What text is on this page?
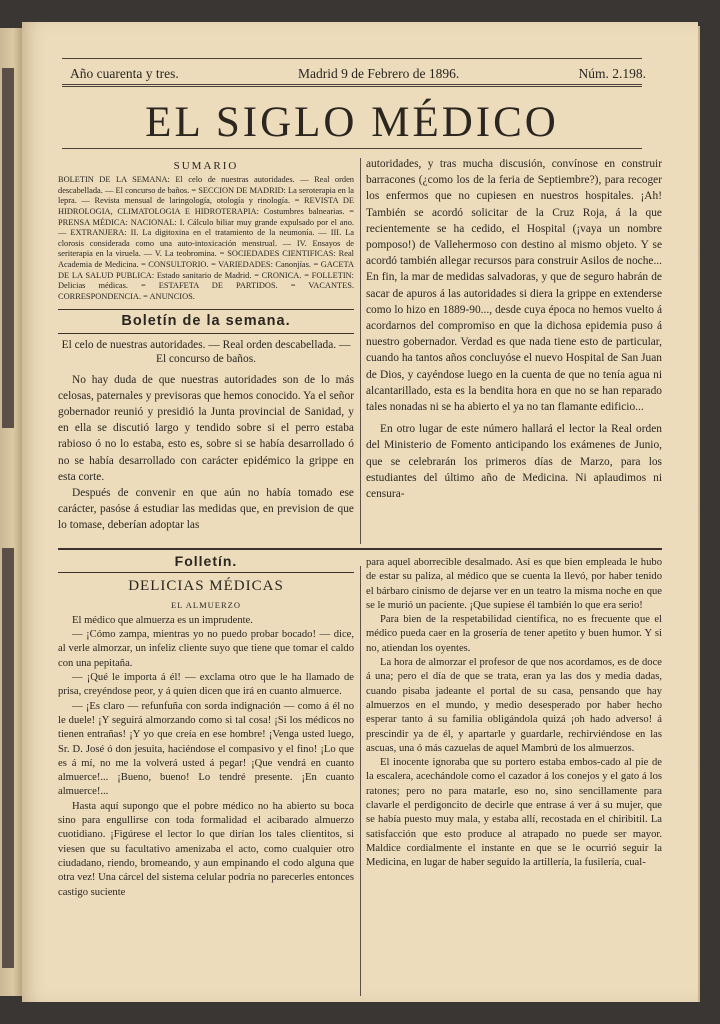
Año cuarenta y tres.	Madrid 9 de Febrero de 1896.	Núm. 2.198.
EL SIGLO MÉDICO
SUMARIO
BOLETIN DE LA SEMANA: El celo de nuestras autoridades. — Real orden descabellada. — El concurso de baños. = SECCION DE MADRID: La seroterapia en la lepra. — Revista mensual de laringología, otología y rinología. = REVISTA DE HIDROLOGIA, CLIMATOLOGIA E HIDROTERAPIA: Costumbres balnearias. = PRENSA MÉDICA: NACIONAL: I. Cálculo biliar muy grande expulsado por el ano. — EXTRANJERA: II. La digitoxina en el tratamiento de la neumonía. — III. La clorosis considerada como una auto-intoxicación menstrual. — IV. Ensayos de seriterapia en la viruela. — V. La teobromina. = SOCIEDADES CIENTIFICAS: Real Academia de Medicina. = CONSULTORIO. = VARIEDADES: Canonjías. = GACETA DE LA SALUD PUBLICA: Estado sanitario de Madrid. = CRONICA. = FOLLETIN: Delicias médicas. = ESTAFETA DE PARTIDOS. = VACANTES. CORRESPONDENCIA. = ANUNCIOS.
Boletín de la semana.
El celo de nuestras autoridades. — Real orden descabellada. — El concurso de baños.

No hay duda de que nuestras autoridades son de lo más celosas, paternales y previsoras que hemos conocido. Ya el señor gobernador reunió y presidió la Junta provincial de Sanidad, y en ella se discutió largo y tendido sobre si el perro estaba rabioso ó no lo estaba, esto es, sobre si se había desarrollado ó no se había desarrollado con carácter epidémico la grippe en esta corte.

Después de convenir en que aún no había tomado ese carácter, pasóse á estudiar las medidas que, en prevision de que lo tomase, deberían adoptar las

autoridades, y tras mucha discusión, convínose en construir barracones (¿como los de la feria de Septiembre?), para recoger los enfermos que no cupiesen en nuestros hospitales. ¡Ah! También se acordó solicitar de la Cruz Roja, á la que recientemente se ha cedido, el Hospital (¡vaya un nombre pomposo!) de Vallehermoso con destino al mismo objeto. Y se acordó también allegar recursos para construir Asilos de noche... En fin, la mar de medidas salvadoras, y que de seguro habrán de sacar de apuros á las autoridades si diera la grippe en extenderse como lo hizo en 1889-90..., desde cuya época no hemos vuelto á acordarnos del compromiso en que la dichosa epidemia puso á nuestro gobernador. Verdad es que nada tiene esto de particular, cuando ha tantos años concluyóse el nuevo Hospital de San Juan de Dios, y cayéndose luego en la cuenta de que no tenía agua ni alcantarillado, esta es la bendita hora en que no se han reparado tales nonadas ni se ha abierto el ya no tan flamante edificio...

En otro lugar de este número hallará el lector la Real orden del Ministerio de Fomento anticipando los exámenes de Junio, que se celebrarán los primeros días de Marzo, para los estudiantes del último año de Medicina. Ni aplaudimos ni censura-

Folletín.
DELICIAS MÉDICAS
EL ALMUERZO

El médico que almuerza es un imprudente.

— ¡Cómo zampa, mientras yo no puedo probar bocado! — dice, al verle almorzar, un infeliz cliente suyo que tiene que tomar el caldo con una pepitaña.

— ¡Qué le importa á él! — exclama otro que le ha llamado de prisa, creyéndose peor, y á quien dicen que irá en cuanto almuerce.

— ¡Es claro — refunfuña con sorda indignación — como á él no le duele! ¡Y seguirá almorzando como si tal cosa! ¡Si los médicos no tienen entrañas! ¡Y yo que creía en ese hombre! ¡Venga usted luego, Sr. D. José ó don jesuita, haciéndose el compasivo y el fino! ¡Lo que es á mí, no me la volverá usted á pegar! ¡Que vendrá en cuanto almuerce!... ¡Bueno, bueno! Lo tendré presente. ¡En cuanto almuerce!...

Hasta aquí supongo que el pobre médico no ha abierto su boca sino para engullirse con toda formalidad el acibarado almuerzo cuotidiano. ¡Figúrese el lector lo que dirían los tales clientitos, si viesen que su facultativo amenizaba el acto, como cualquier otro ciudadano, riendo, bromeando, y aun empinando el codo alguna que otra vez! Una cárcel del sistema celular podría no parecerles entonces castigo suciente

para aquel aborrecible desalmado. Así es que bien empleada le hubo de estar su paliza, al médico que se cuenta la llevó, por haber tenido el bárbaro cinismo de dejarse ver en un teatro la misma noche en que se le murió un paciente. ¡Que supiese él también lo que era serio!

Para bien de la respetabilidad científica, no es frecuente que el médico pueda caer en la grosería de tener apetito y buen humor. Y si no, atiendan los oyentes.

La hora de almorzar el profesor de que nos acordamos, es de doce á una; pero el día de que se trata, eran ya las dos y media dadas, cuando pisaba jadeante el portal de su casa, pensando que hay almuerzos en el mundo, y medio desesperado por haber hecho esperar tanto á su familia obligándola quizá ¡oh hado adverso! á prescindir ya de él, y apartarle y guardarle, rechirviéndose en las ascuas, una ó más cazuelas de aquel Mambrú de los almuerzos.

El inocente ignoraba que su portero estaba embos-cado al pie de la escalera, acechándole como el cazador á los conejos y el gato á los ratones; pero no para matarle, eso no, sino sencillamente para clavarle el perdigoncito de decirle que entrase á ver á su mujer, que se había puesto muy mala, y estaba allí, recostada en el chiribitil. La satisfacción que esto produce al atrapado no puede ser mayor. Maldice cordialmente el instante en que se le ocurrió seguir la Medicina, en lugar de haber seguido la artillería, la fusilería, cual-
